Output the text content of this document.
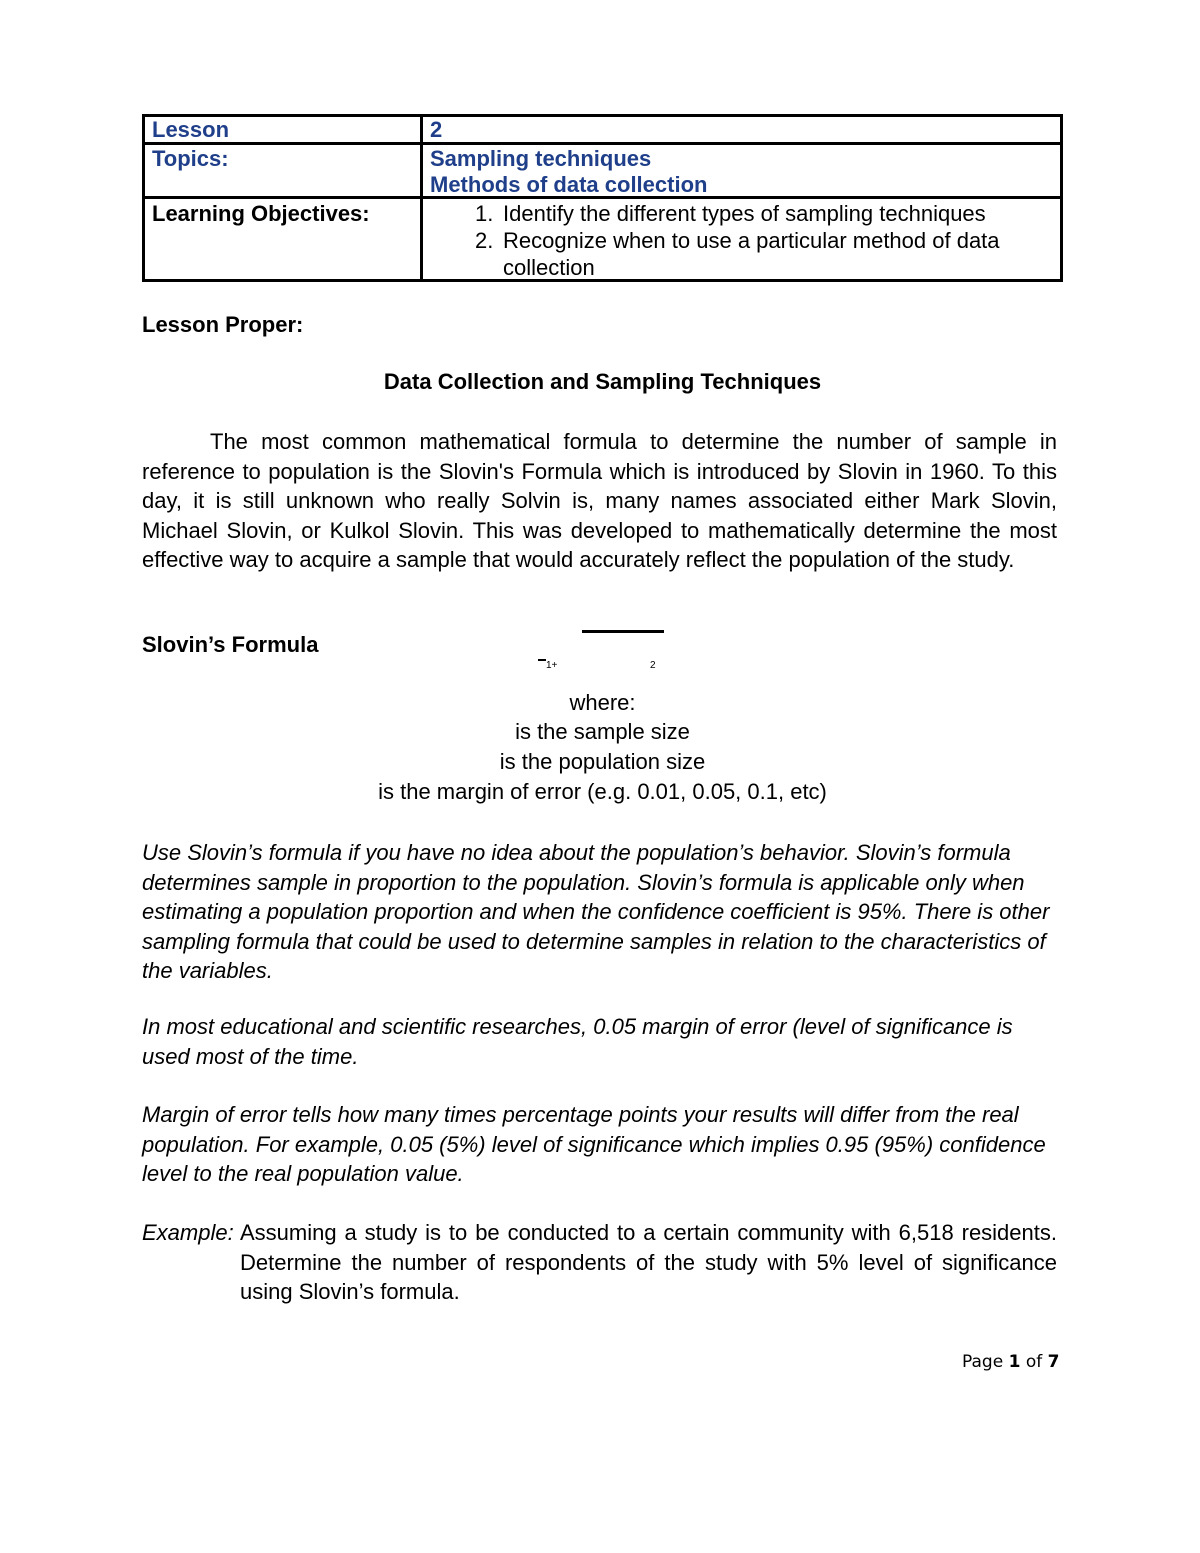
Lesson	2
Topics:	Sampling techniques
Methods of data collection
Learning Objectives:	1. Identify the different types of sampling techniques
2. Recognize when to use a particular method of data
collection
Lesson Proper:
Data Collection and Sampling Techniques
The most common mathematical formula to determine the number of sample in reference to population is the Slovin's Formula which is introduced by Slovin in 1960. To this day, it is still unknown who really Solvin is, many names associated either Mark Slovin, Michael Slovin, or Kulkol Slovin. This was developed to mathematically determine the most effective way to acquire a sample that would accurately reflect the population of the study.
Slovin’s Formula
1+	2
where:
is the sample size
is the population size
is the margin of error (e.g. 0.01, 0.05, 0.1, etc)
Use Slovin’s formula if you have no idea about the population’s behavior. Slovin’s formula determines sample in proportion to the population. Slovin’s formula is applicable only when estimating a population proportion and when the confidence coefficient is 95%. There is other sampling formula that could be used to determine samples in relation to the characteristics of the variables.
In most educational and scientific researches, 0.05 margin of error (level of significance is used most of the time.
Margin of error tells how many times percentage points your results will differ from the real population. For example, 0.05 (5%) level of significance which implies 0.95 (95%) confidence level to the real population value.
Example: Assuming a study is to be conducted to a certain community with 6,518 residents. Determine the number of respondents of the study with 5% level of significance using Slovin’s formula.
Page 1 of 7
